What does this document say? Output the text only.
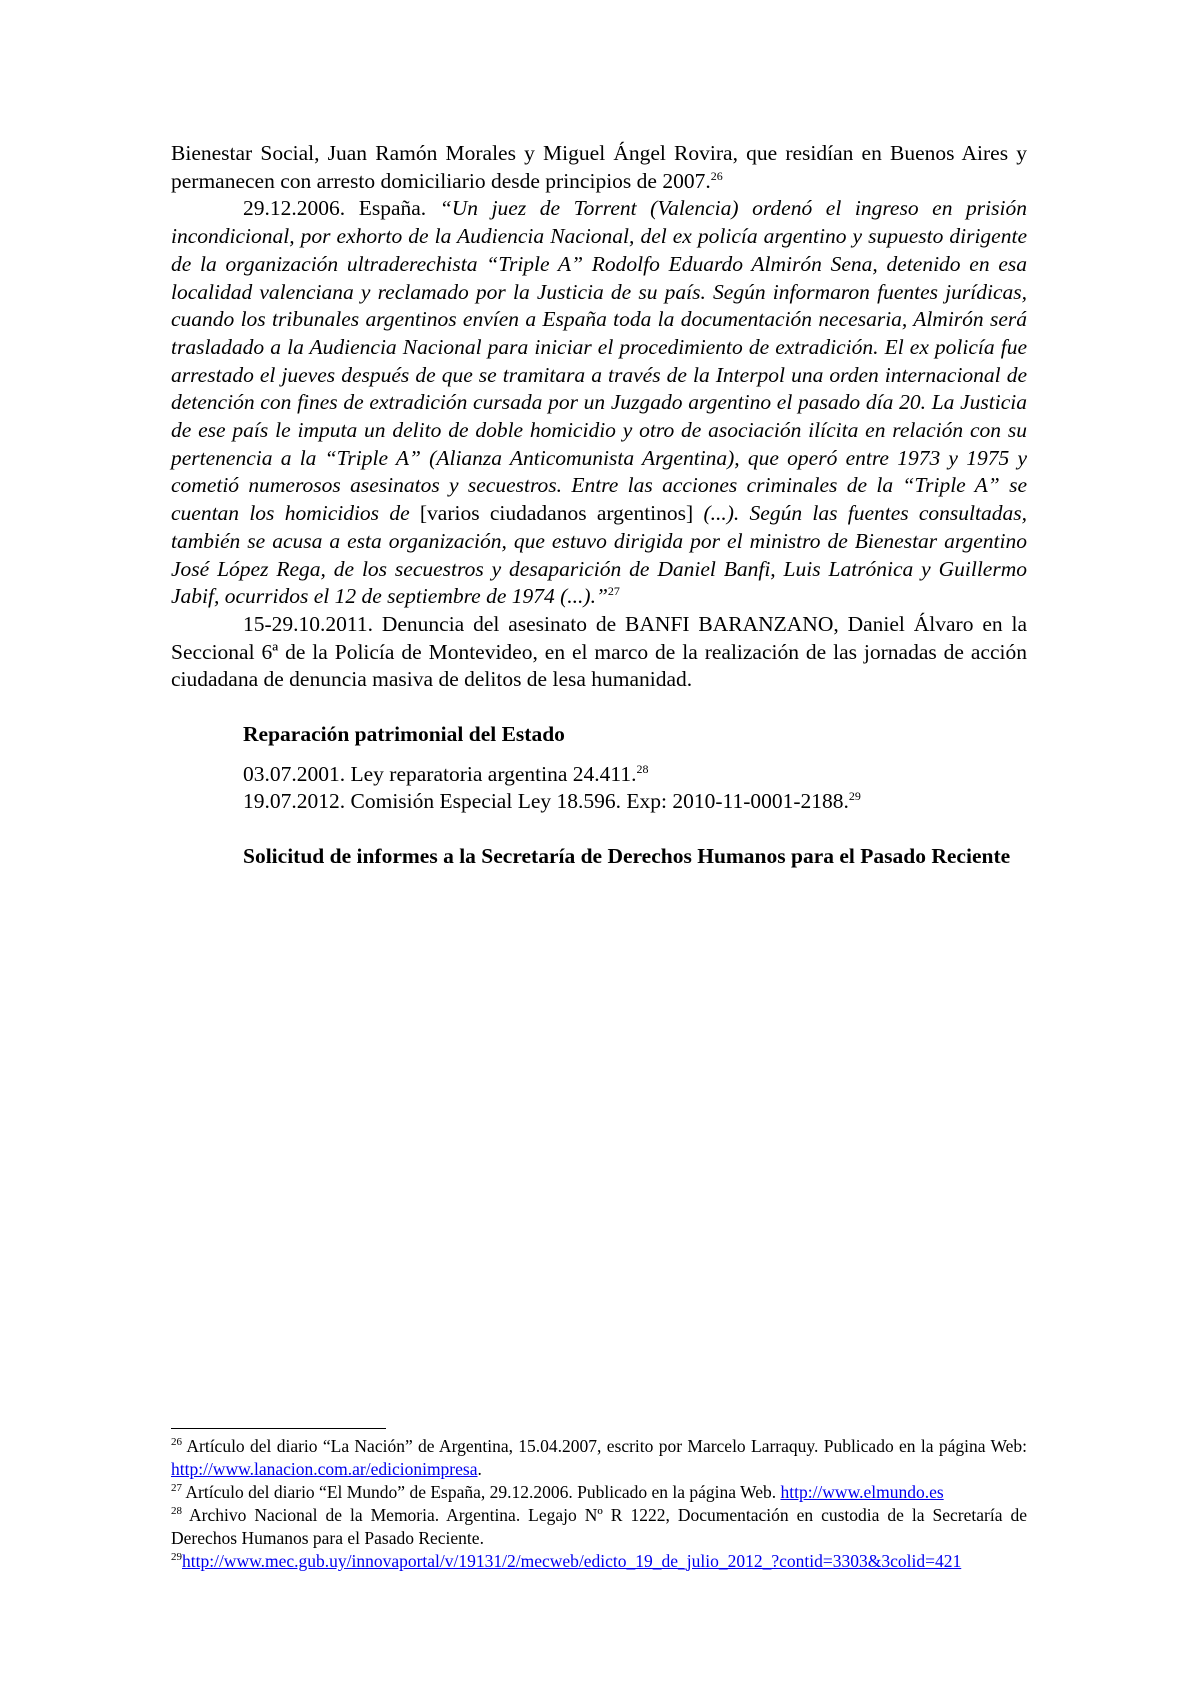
Bienestar Social, Juan Ramón Morales y Miguel Ángel Rovira, que residían en Buenos Aires y permanecen con arresto domiciliario desde principios de 2007.26

29.12.2006. España. “Un juez de Torrent (Valencia) ordenó el ingreso en prisión incondicional, por exhorto de la Audiencia Nacional, del ex policía argentino y supuesto dirigente de la organización ultraderechista “Triple A” Rodolfo Eduardo Almirón Sena, detenido en esa localidad valenciana y reclamado por la Justicia de su país. Según informaron fuentes jurídicas, cuando los tribunales argentinos envíen a España toda la documentación necesaria, Almirón será trasladado a la Audiencia Nacional para iniciar el procedimiento de extradición. El ex policía fue arrestado el jueves después de que se tramitara a través de la Interpol una orden internacional de detención con fines de extradición cursada por un Juzgado argentino el pasado día 20. La Justicia de ese país le imputa un delito de doble homicidio y otro de asociación ilícita en relación con su pertenencia a la “Triple A” (Alianza Anticomunista Argentina), que operó entre 1973 y 1975 y cometió numerosos asesinatos y secuestros. Entre las acciones criminales de la “Triple A” se cuentan los homicidios de [varios ciudadanos argentinos] (...). Según las fuentes consultadas, también se acusa a esta organización, que estuvo dirigida por el ministro de Bienestar argentino José López Rega, de los secuestros y desaparición de Daniel Banfi, Luis Latrónica y Guillermo Jabif, ocurridos el 12 de septiembre de 1974 (...).”$^{27}$

15-29.10.2011. Denuncia del asesinato de BANFI BARANZANO, Daniel Álvaro en la Seccional 6ª de la Policía de Montevideo, en el marco de la realización de las jornadas de acción ciudadana de denuncia masiva de delitos de lesa humanidad.

Reparación patrimonial del Estado

03.07.2001. Ley reparatoria argentina 24.411.28

19.07.2012. Comisión Especial Ley 18.596. Exp: 2010-11-0001-2188.29

Solicitud de informes a la Secretaría de Derechos Humanos para el Pasado Reciente

$^{26}$ Artículo del diario “La Nación” de Argentina, 15.04.2007, escrito por Marcelo Larraquy. Publicado en la página Web: http://www.lanacion.com.ar/edicionimpresa.

$^{27}$ Artículo del diario “El Mundo” de España, 29.12.2006. Publicado en la página Web. http://www.elmundo.es

$^{28}$ Archivo Nacional de la Memoria. Argentina. Legajo Nº R 1222, Documentación en custodia de la Secretaría de Derechos Humanos para el Pasado Reciente.

$^{29}$http://www.mec.gub.uy/innovaportal/v/19131/2/mecweb/edicto_19_de_julio_2012_?contid=3303&3colid=421
